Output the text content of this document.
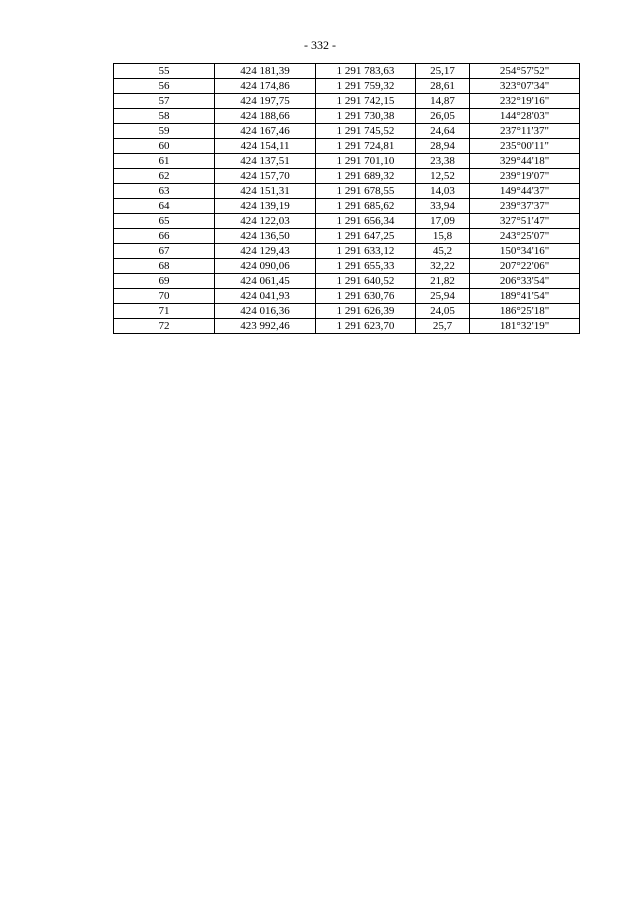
- 332 -
55	424 181,39	1 291 783,63	25,17	254°57'52"
56	424 174,86	1 291 759,32	28,61	323°07'34"
57	424 197,75	1 291 742,15	14,87	232°19'16"
58	424 188,66	1 291 730,38	26,05	144°28'03"
59	424 167,46	1 291 745,52	24,64	237°11'37"
60	424 154,11	1 291 724,81	28,94	235°00'11"
61	424 137,51	1 291 701,10	23,38	329°44'18"
62	424 157,70	1 291 689,32	12,52	239°19'07"
63	424 151,31	1 291 678,55	14,03	149°44'37"
64	424 139,19	1 291 685,62	33,94	239°37'37"
65	424 122,03	1 291 656,34	17,09	327°51'47"
66	424 136,50	1 291 647,25	15,8	243°25'07"
67	424 129,43	1 291 633,12	45,2	150°34'16"
68	424 090,06	1 291 655,33	32,22	207°22'06"
69	424 061,45	1 291 640,52	21,82	206°33'54"
70	424 041,93	1 291 630,76	25,94	189°41'54"
71	424 016,36	1 291 626,39	24,05	186°25'18"
72	423 992,46	1 291 623,70	25,7	181°32'19"
